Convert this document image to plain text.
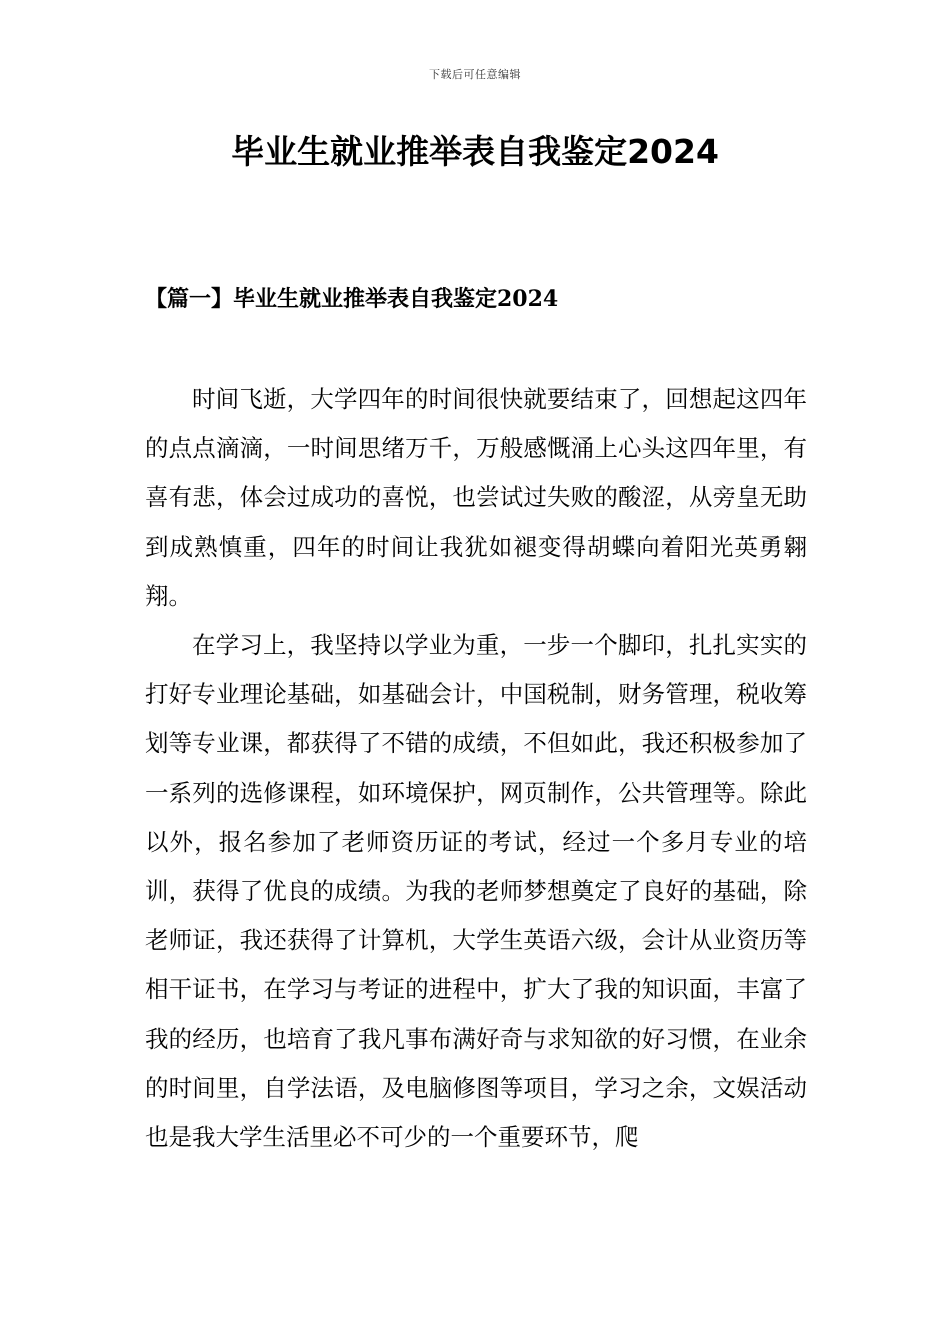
下载后可任意编辑
毕业生就业推举表自我鉴定2024
【篇一】毕业生就业推举表自我鉴定2024

时间飞逝，大学四年的时间很快就要结束了，回想起这四年的点点滴滴，一时间思绪万千，万般感慨涌上心头这四年里，有喜有悲，体会过成功的喜悦，也尝试过失败的酸涩，从旁皇无助到成熟慎重，四年的时间让我犹如褪变得胡蝶向着阳光英勇翱翔。

在学习上，我坚持以学业为重，一步一个脚印，扎扎实实的打好专业理论基础，如基础会计，中国税制，财务管理，税收筹划等专业课，都获得了不错的成绩，不但如此，我还积极参加了一系列的选修课程，如环境保护，网页制作，公共管理等。除此以外，报名参加了老师资历证的考试，经过一个多月专业的培训，获得了优良的成绩。为我的老师梦想奠定了良好的基础，除老师证，我还获得了计算机，大学生英语六级，会计从业资历等相干证书，在学习与考证的进程中，扩大了我的知识面，丰富了我的经历，也培育了我凡事布满好奇与求知欲的好习惯，在业余的时间里，自学法语，及电脑修图等项目，学习之余，文娱活动也是我大学生活里必不可少的一个重要环节，爬
